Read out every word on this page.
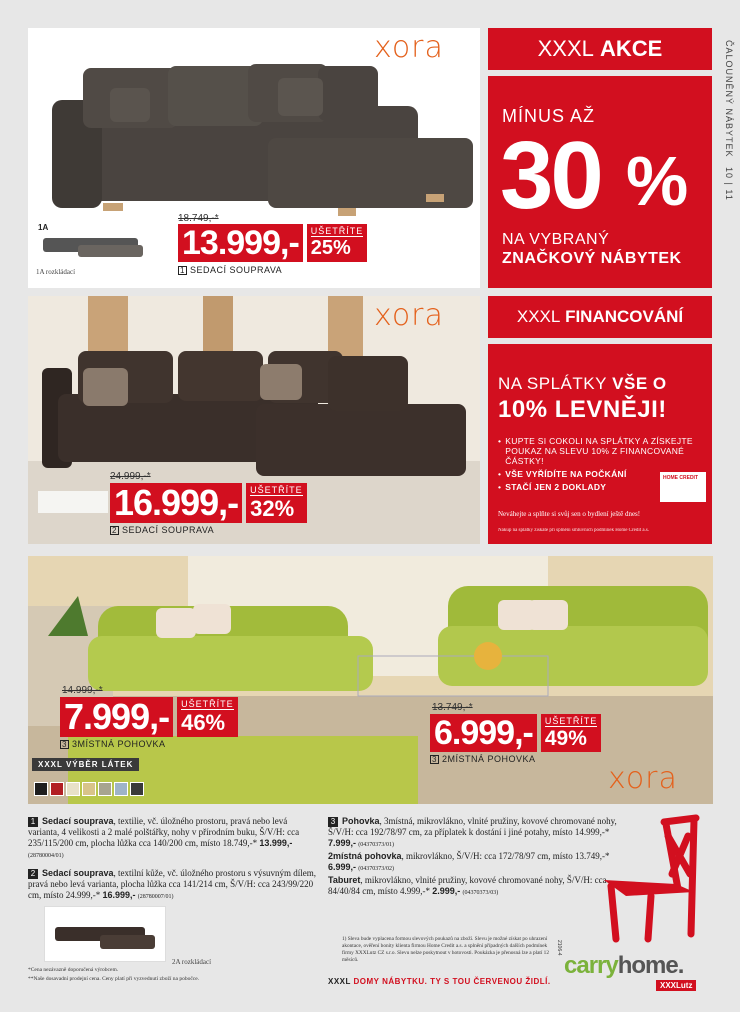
ČALOUNĚNÝ NÁBYTEK 10 | 11
xora
1A
1A rozkládací
18.749,-*
13.999,-	UŠETŘÍTE
25%
1 SEDACÍ SOUPRAVA
XXXL
AKCE
MÍNUS AŽ
30 %
NA VYBRANÝ
ZNAČKOVÝ NÁBYTEK
xora
24.999,-*
16.999,-	UŠETŘÍTE
32%
2 SEDACÍ SOUPRAVA
XXXL
FINANCOVÁNÍ
NA SPLÁTKY VŠE O
10% LEVNĚJI!
• KUPTE SI COKOLI NA SPLÁTKY A ZÍSKEJTE POUKAZ NA SLEVU 10% Z FINANCOVANÉ ČÁSTKY!
• VŠE VYŘÍDÍTE NA POČKÁNÍ
• STAČÍ JEN 2 DOKLADY
HOME CREDIT
Neváhejte a splňte si svůj sen o bydlení ještě dnes!
Nákup na splátky získáte při splnění smluvních podmínek Home Credit a.s.
14.999,-*
7.999,-	UŠETŘÍTE
46%
3 3MÍSTNÁ POHOVKA
13.749,-*
6.999,-	UŠETŘÍTE
49%
3 2MÍSTNÁ POHOVKA
XXXL VÝBĚR LÁTEK	xora
1 Sedací souprava, textilie, vč. úložného prostoru, pravá nebo levá varianta, 4 velikosti a 2 malé polštářky, nohy v přírodním buku, Š/V/H: cca 235/115/200 cm, plocha lůžka cca 140/200 cm, místo 18.749,-* 13.999,- (28780004/01)
2 Sedací souprava, textilní kůže, vč. úložného prostoru s výsuvným dílem, pravá nebo levá varianta, plocha lůžka cca 141/214 cm, Š/V/H: cca 243/99/220 cm, místo 24.999,-* 16.999,- (28780007/01)
2A rozkládací
3 Pohovka, 3místná, mikrovlákno, vlnité pružiny, kovové chromované nohy, Š/V/H: cca 192/78/97 cm, za příplatek k dostání i jiné potahy, místo 14.999,-* 7.999,- (04370373/01)
2místná pohovka, mikrovlákno, Š/V/H: cca 172/78/97 cm, místo 13.749,-* 6.999,- (04370373/02)
Taburet, mikrovlákno, vlnité pružiny, kovové chromované nohy, Š/V/H: cca 84/40/84 cm, místo 4.999,-* 2.999,- (04370373/03)
1) Sleva bude vyplacena formou slevových poukazů na zboží. Slevu je možné získat po uhrazení akontace, ověření bonity klienta firmou Home Credit a.s. a splnění případných dalších podmínek firmy XXXLutz CZ s.r.o. Slevu nelze poskytnout v hotovosti. Poukázka je přenosná lze a platí 12 měsíců.
2106-4
*Cena nezávazně doporučená výrobcem.
**Naše dosavadní prodejní cena. Ceny platí při vyzvednutí zboží na pobočce.	XXXL DOMY NÁBYTKU. TY S TOU ČERVENOU ŽIDLÍ.
carryhome.
XXXLutz
